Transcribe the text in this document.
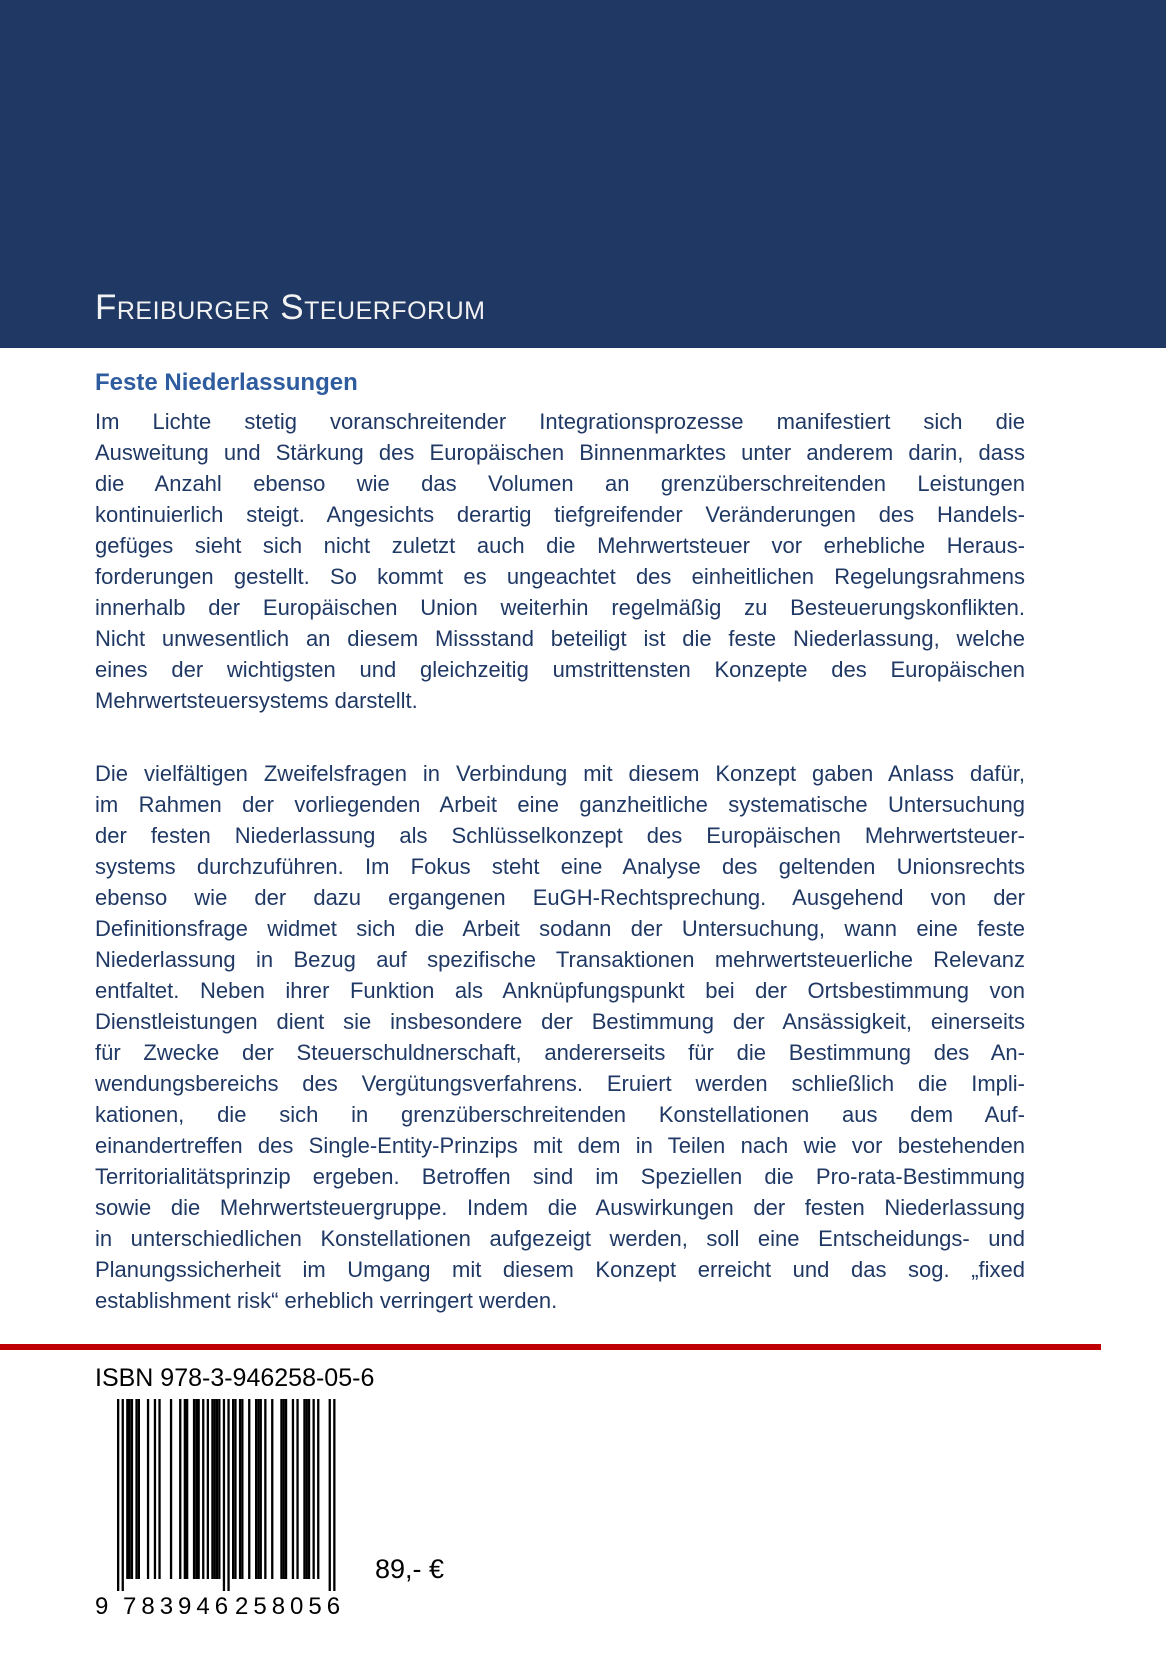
Freiburger Steuerforum
Feste Niederlassungen
Im Lichte stetig voranschreitender Integrationsprozesse manifestiert sich die
Ausweitung und Stärkung des Europäischen Binnenmarktes unter anderem darin, dass
die Anzahl ebenso wie das Volumen an grenzüberschreitenden Leistungen
kontinuierlich steigt. Angesichts derartig tiefgreifender Veränderungen des Handels-
gefüges sieht sich nicht zuletzt auch die Mehrwertsteuer vor erhebliche Heraus-
forderungen gestellt. So kommt es ungeachtet des einheitlichen Regelungsrahmens
innerhalb der Europäischen Union weiterhin regelmäßig zu Besteuerungskonflikten.
Nicht unwesentlich an diesem Missstand beteiligt ist die feste Niederlassung, welche
eines der wichtigsten und gleichzeitig umstrittensten Konzepte des Europäischen
Mehrwertsteuersystems darstellt.
Die vielfältigen Zweifelsfragen in Verbindung mit diesem Konzept gaben Anlass dafür,
im Rahmen der vorliegenden Arbeit eine ganzheitliche systematische Untersuchung
der festen Niederlassung als Schlüsselkonzept des Europäischen Mehrwertsteuer-
systems durchzuführen. Im Fokus steht eine Analyse des geltenden Unionsrechts
ebenso wie der dazu ergangenen EuGH-Rechtsprechung. Ausgehend von der
Definitionsfrage widmet sich die Arbeit sodann der Untersuchung, wann eine feste
Niederlassung in Bezug auf spezifische Transaktionen mehrwertsteuerliche Relevanz
entfaltet. Neben ihrer Funktion als Anknüpfungspunkt bei der Ortsbestimmung von
Dienstleistungen dient sie insbesondere der Bestimmung der Ansässigkeit, einerseits
für Zwecke der Steuerschuldnerschaft, andererseits für die Bestimmung des An-
wendungsbereichs des Vergütungsverfahrens. Eruiert werden schließlich die Impli-
kationen, die sich in grenzüberschreitenden Konstellationen aus dem Auf-
einandertreffen des Single-Entity-Prinzips mit dem in Teilen nach wie vor bestehenden
Territorialitätsprinzip ergeben. Betroffen sind im Speziellen die Pro-rata-Bestimmung
sowie die Mehrwertsteuergruppe. Indem die Auswirkungen der festen Niederlassung
in unterschiedlichen Konstellationen aufgezeigt werden, soll eine Entscheidungs- und
Planungssicherheit im Umgang mit diesem Konzept erreicht und das sog. „fixed
establishment risk“ erheblich verringert werden.
ISBN 978-3-946258-05-6
9 783946 258056
89,- €
